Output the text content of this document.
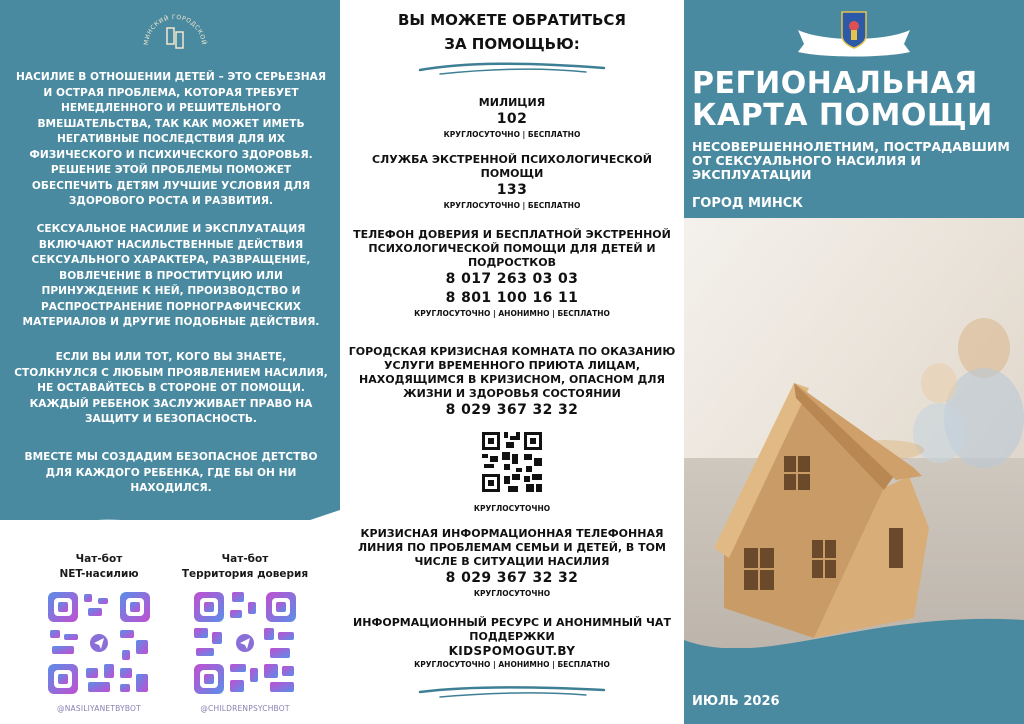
МИНСКИЙ ГОРОДСКОЙ
НАСИЛИЕ В ОТНОШЕНИИ ДЕТЕЙ – ЭТО СЕРЬЕЗНАЯ И ОСТРАЯ ПРОБЛЕМА, КОТОРАЯ ТРЕБУЕТ НЕМЕДЛЕННОГО И РЕШИТЕЛЬНОГО ВМЕШАТЕЛЬСТВА, ТАК КАК МОЖЕТ ИМЕТЬ НЕГАТИВНЫЕ ПОСЛЕДСТВИЯ ДЛЯ ИХ ФИЗИЧЕСКОГО И ПСИХИЧЕСКОГО ЗДОРОВЬЯ. РЕШЕНИЕ ЭТОЙ ПРОБЛЕМЫ ПОМОЖЕТ ОБЕСПЕЧИТЬ ДЕТЯМ ЛУЧШИЕ УСЛОВИЯ ДЛЯ ЗДОРОВОГО РОСТА И РАЗВИТИЯ.
СЕКСУАЛЬНОЕ НАСИЛИЕ И ЭКСПЛУАТАЦИЯ ВКЛЮЧАЮТ НАСИЛЬСТВЕННЫЕ ДЕЙСТВИЯ СЕКСУАЛЬНОГО ХАРАКТЕРА, РАЗВРАЩЕНИЕ, ВОВЛЕЧЕНИЕ В ПРОСТИТУЦИЮ ИЛИ ПРИНУЖДЕНИЕ К НЕЙ, ПРОИЗВОДСТВО И РАСПРОСТРАНЕНИЕ ПОРНОГРАФИЧЕСКИХ МАТЕРИАЛОВ И ДРУГИЕ ПОДОБНЫЕ ДЕЙСТВИЯ.
ЕСЛИ ВЫ ИЛИ ТОТ, КОГО ВЫ ЗНАЕТЕ, СТОЛКНУЛСЯ С ЛЮБЫМ ПРОЯВЛЕНИЕМ НАСИЛИЯ, НЕ ОСТАВАЙТЕСЬ В СТОРОНЕ ОТ ПОМОЩИ. КАЖДЫЙ РЕБЕНОК ЗАСЛУЖИВАЕТ ПРАВО НА ЗАЩИТУ И БЕЗОПАСНОСТЬ.
ВМЕСТЕ МЫ СОЗДАДИМ БЕЗОПАСНОЕ ДЕТСТВО ДЛЯ КАЖДОГО РЕБЕНКА, ГДЕ БЫ ОН НИ НАХОДИЛСЯ.
Чат-бот
NET-насилию
@NASILIYANETBYBOT
Чат-бот
Территория доверия
@CHILDRENPSYCHBOT
ВЫ МОЖЕТЕ ОБРАТИТЬСЯ
ЗА ПОМОЩЬЮ:
МИЛИЦИЯ
102
КРУГЛОСУТОЧНО | БЕСПЛАТНО
СЛУЖБА ЭКСТРЕННОЙ ПСИХОЛОГИЧЕСКОЙ ПОМОЩИ
133
КРУГЛОСУТОЧНО | БЕСПЛАТНО
ТЕЛЕФОН ДОВЕРИЯ И БЕСПЛАТНОЙ ЭКСТРЕННОЙ ПСИХОЛОГИЧЕСКОЙ ПОМОЩИ ДЛЯ ДЕТЕЙ И ПОДРОСТКОВ
8 017 263 03 03
8 801 100 16 11
КРУГЛОСУТОЧНО | АНОНИМНО | БЕСПЛАТНО
ГОРОДСКАЯ КРИЗИСНАЯ КОМНАТА ПО ОКАЗАНИЮ УСЛУГИ ВРЕМЕННОГО ПРИЮТА ЛИЦАМ, НАХОДЯЩИМСЯ В КРИЗИСНОМ, ОПАСНОМ ДЛЯ ЖИЗНИ И ЗДОРОВЬЯ СОСТОЯНИИ
8 029 367 32 32
КРУГЛОСУТОЧНО
КРИЗИСНАЯ ИНФОРМАЦИОННАЯ ТЕЛЕФОННАЯ ЛИНИЯ ПО ПРОБЛЕМАМ СЕМЬИ И ДЕТЕЙ, В ТОМ ЧИСЛЕ В СИТУАЦИИ НАСИЛИЯ
8 029 367 32 32
КРУГЛОСУТОЧНО
ИНФОРМАЦИОННЫЙ РЕСУРС И АНОНИМНЫЙ ЧАТ ПОДДЕРЖКИ
KIDSPOMOGUT.BY
КРУГЛОСУТОЧНО | АНОНИМНО | БЕСПЛАТНО
РЕГИОНАЛЬНАЯ
КАРТА ПОМОЩИ
НЕСОВЕРШЕННОЛЕТНИМ, ПОСТРАДАВШИМ ОТ СЕКСУАЛЬНОГО НАСИЛИЯ И ЭКСПЛУАТАЦИИ
ГОРОД МИНСК
ИЮЛЬ 2026
